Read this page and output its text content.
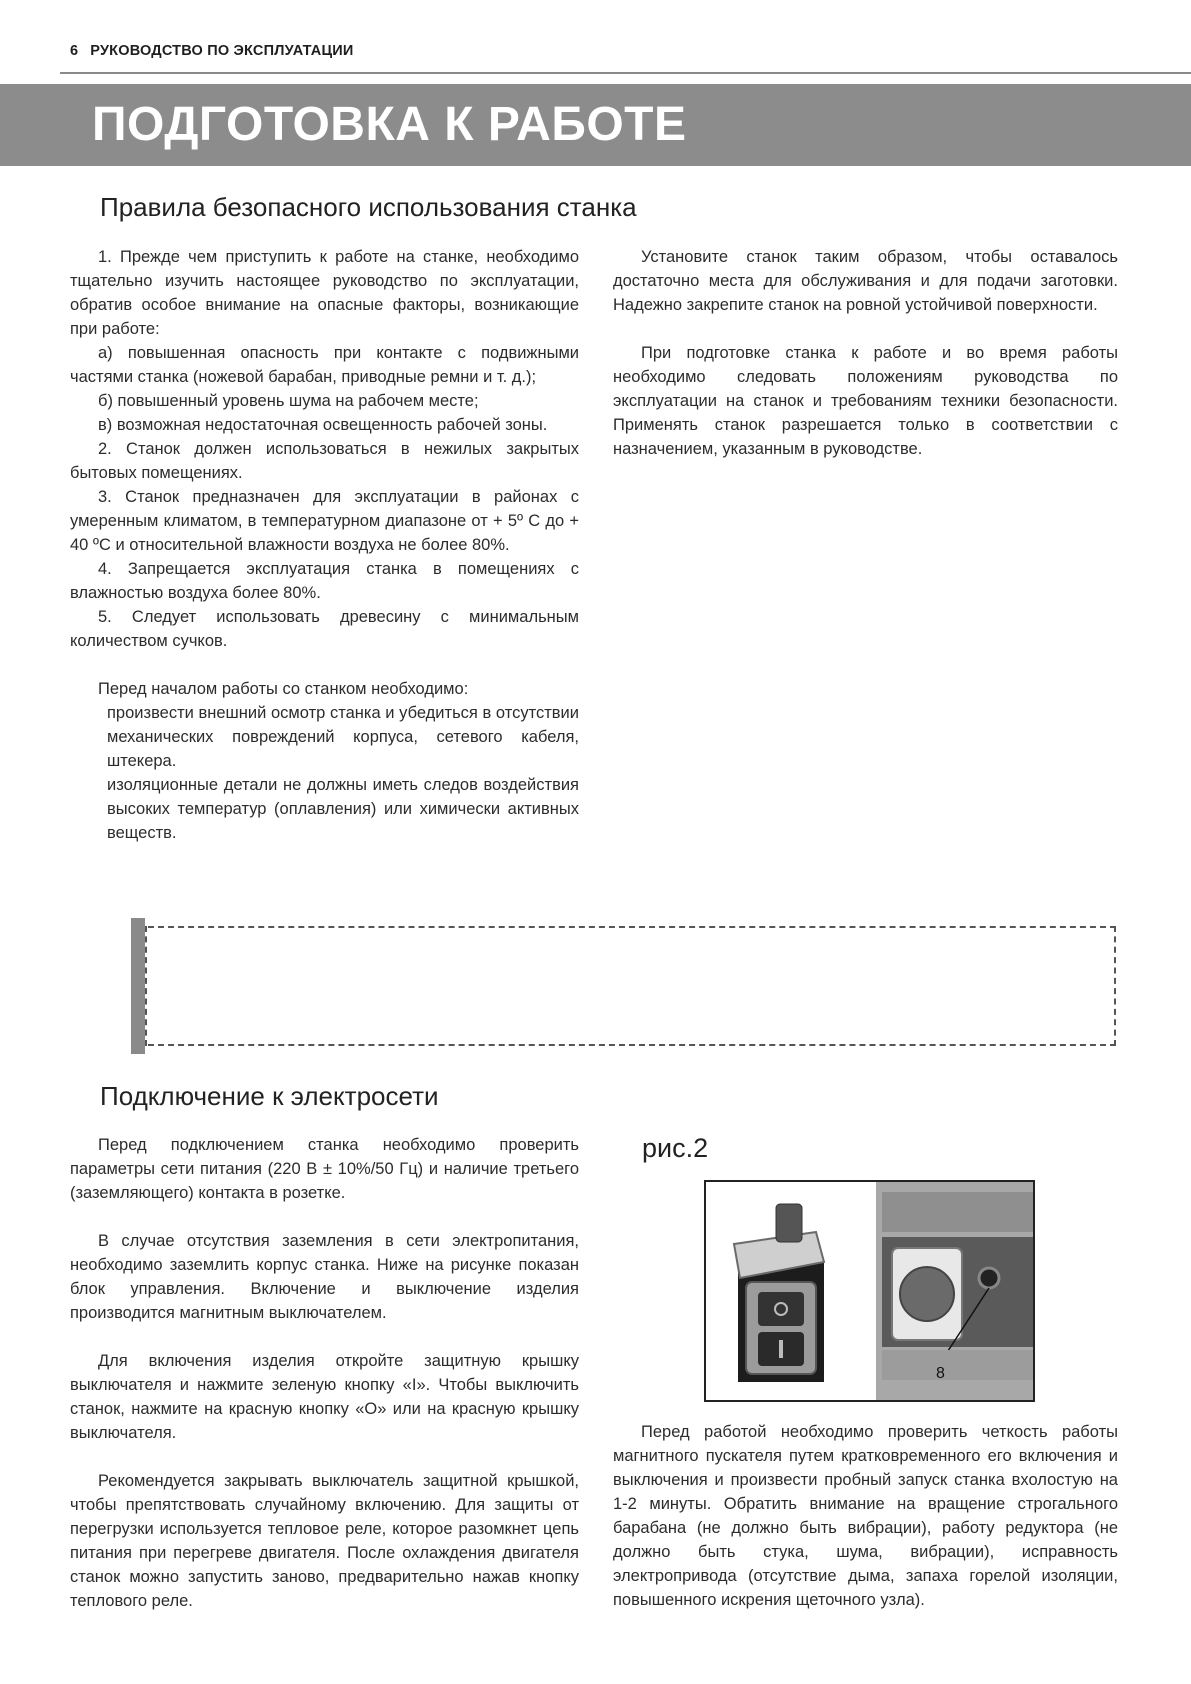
6 РУКОВОДСТВО ПО ЭКСПЛУАТАЦИИ
ПОДГОТОВКА К РАБОТЕ
Правила безопасного использования станка

1. Прежде чем приступить к работе на станке, необходимо тщательно изучить настоящее руководство по эксплуатации, обратив особое внимание на опасные факторы, возникающие при работе:

а) повышенная опасность при контакте с подвижными частями станка (ножевой барабан, приводные ремни и т. д.);

б) повышенный уровень шума на рабочем месте;

в) возможная недостаточная освещенность рабочей зоны.

2. Станок должен использоваться в нежилых закрытых бытовых помещениях.

3. Станок предназначен для эксплуатации в районах с умеренным климатом, в температурном диапазоне от + 5º С до + 40 ºС и относительной влажности воздуха не более 80%.

4. Запрещается эксплуатация станка в помещениях с влажностью воздуха более 80%.

5. Следует использовать древесину с минимальным количеством сучков.

Перед началом работы со станком необходимо:

произвести внешний осмотр станка и убедиться в отсутствии механических повреждений корпуса, сетевого кабеля, штекера.

изоляционные детали не должны иметь следов воздействия высоких температур (оплавления) или химически активных веществ.

Установите станок таким образом, чтобы оставалось достаточно места для обслуживания и для подачи заготовки. Надежно закрепите станок на ровной устойчивой поверхности.

При подготовке станка к работе и во время работы необходимо следовать положениям руководства по эксплуатации на станок и требованиям техники безопасности. Применять станок разрешается только в соответствии с назначением, указанным в руководстве.

Подключение к электросети

Перед подключением станка необходимо проверить параметры сети питания (220 В ± 10%/50 Гц) и наличие третьего (заземляющего) контакта в розетке.

В случае отсутствия заземления в сети электропитания, необходимо заземлить корпус станка. Ниже на рисунке показан блок управления. Включение и выключение изделия производится магнитным выключателем.

Для включения изделия откройте защитную крышку выключателя и нажмите зеленую кнопку «I». Чтобы выключить станок, нажмите на красную кнопку «О» или на красную крышку выключателя.

Рекомендуется закрывать выключатель защитной крышкой, чтобы препятствовать случайному включению. Для защиты от перегрузки используется тепловое реле, которое разомкнет цепь питания при перегреве двигателя. После охлаждения двигателя станок можно запустить заново, предварительно нажав кнопку теплового реле.

рис.2
8

Перед работой необходимо проверить четкость работы магнитного пускателя путем кратковременного его включения и выключения и произвести пробный запуск станка вхолостую на 1-2 минуты. Обратить внимание на вращение строгального барабана (не должно быть вибрации), работу редуктора (не должно быть стука, шума, вибрации), исправность электропривода (отсутствие дыма, запаха горелой изоляции, повышенного искрения щеточного узла).
